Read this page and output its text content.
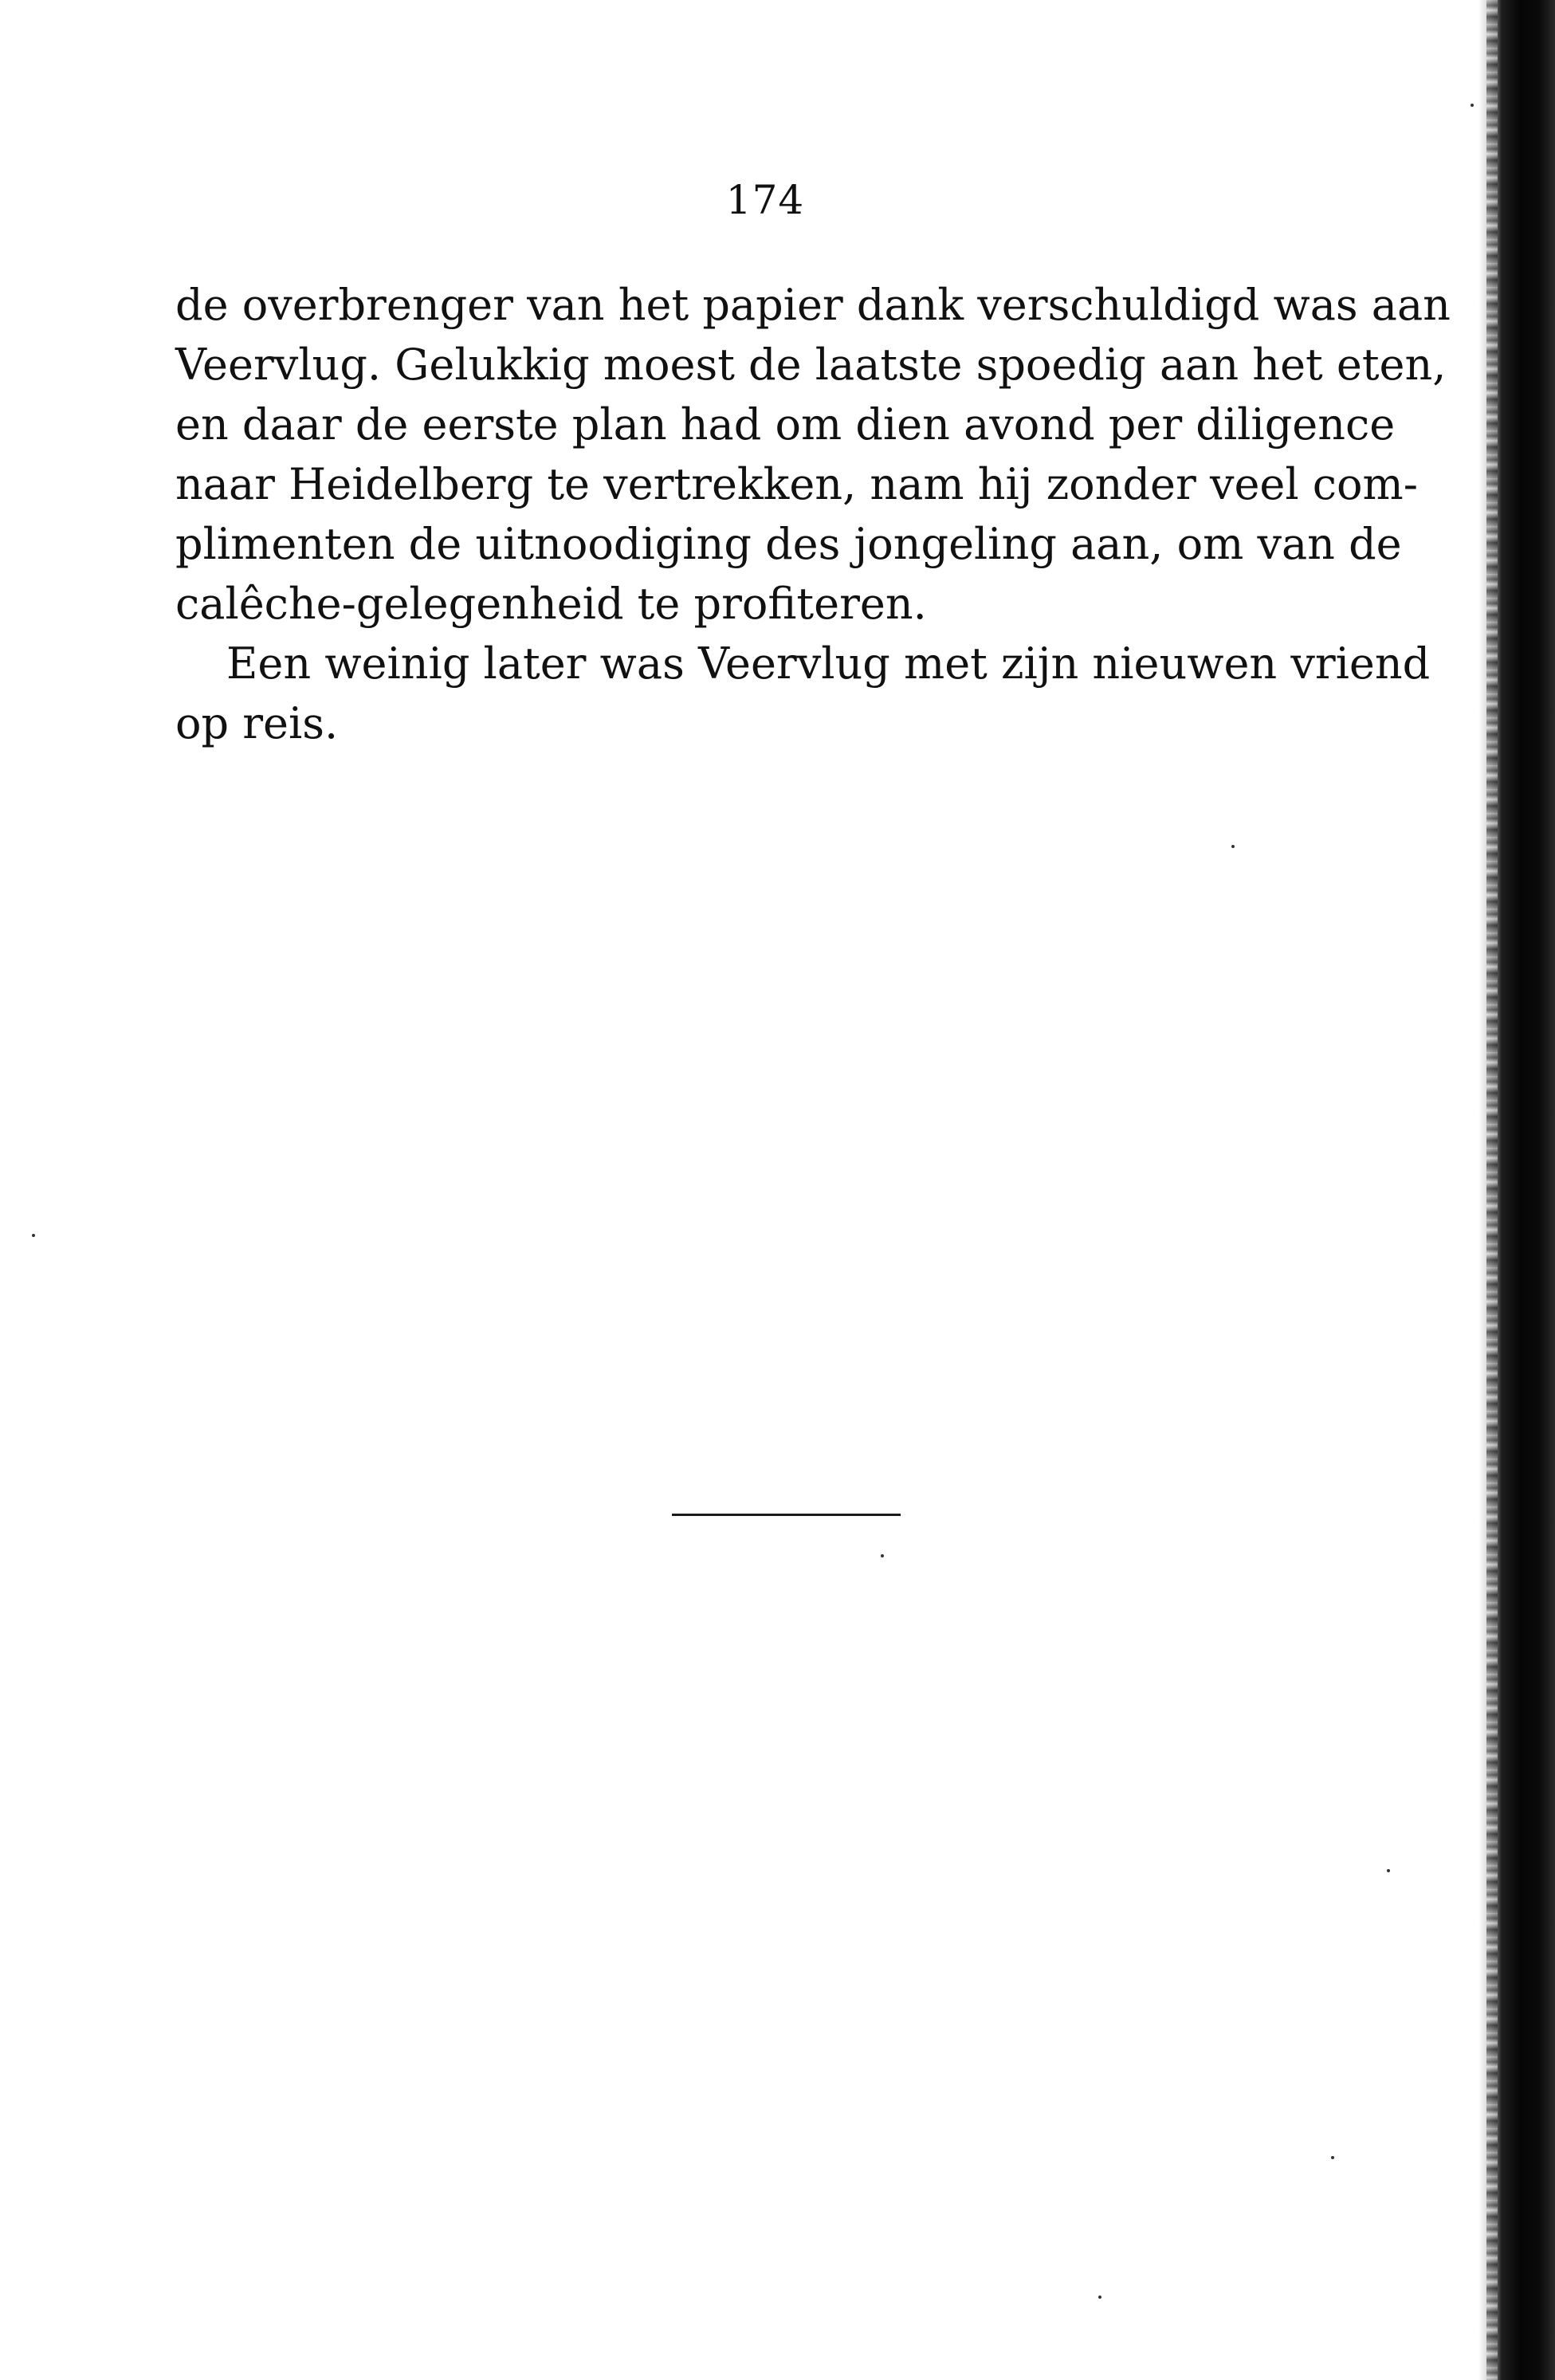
174
de overbrenger van het papier dank verschuldigd was aan
Veervlug. Gelukkig moest de laatste spoedig aan het eten,
en daar de eerste plan had om dien avond per diligence
naar Heidelberg te vertrekken, nam hij zonder veel com-
plimenten de uitnoodiging des jongeling aan, om van de
calêche-gelegenheid te profiteren.
Een weinig later was Veervlug met zijn nieuwen vriend
op reis.
